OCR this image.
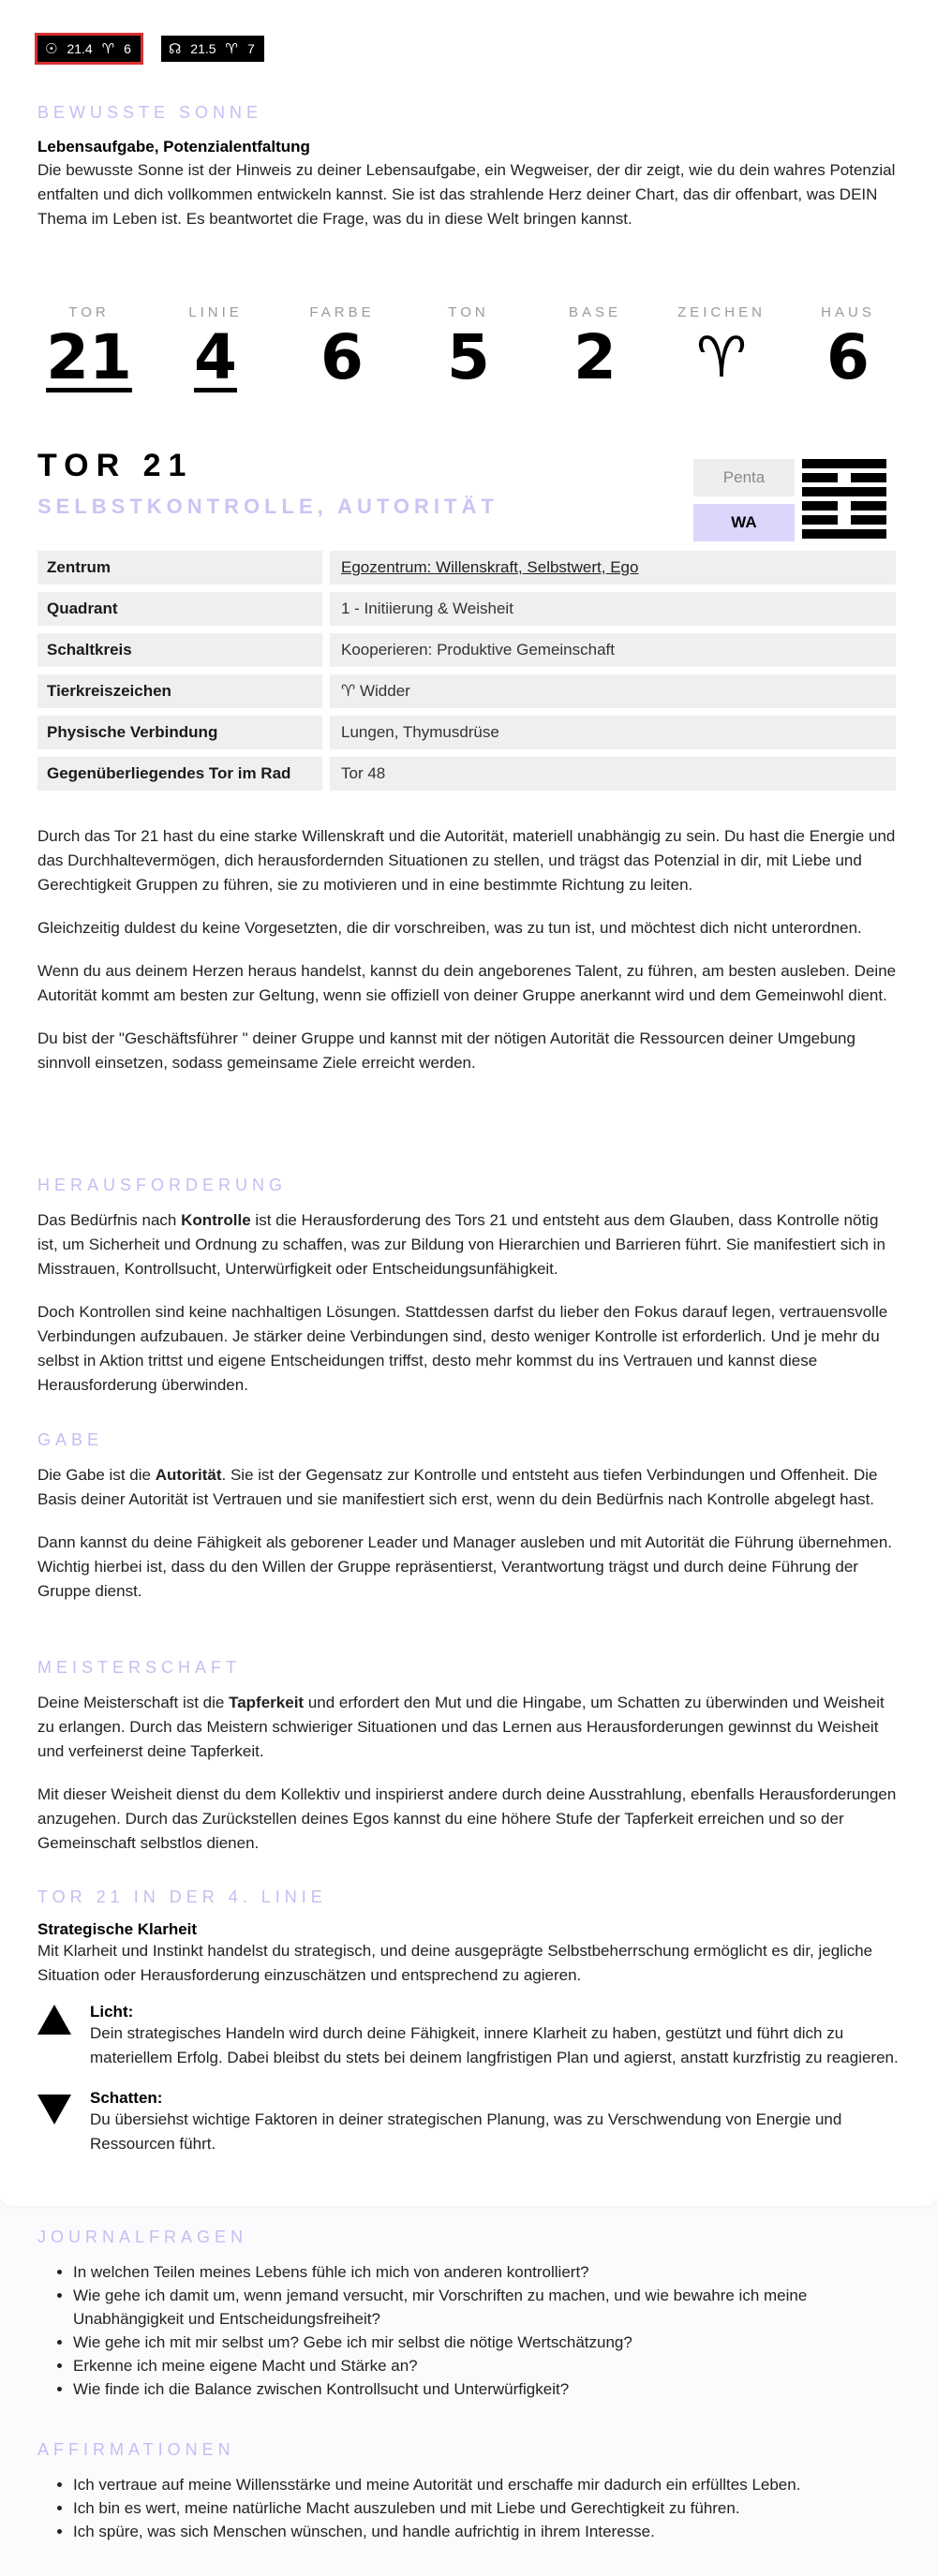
☉ 21.4 ♈ 6	☊ 21.5 ♈ 7
BEWUSSTE SONNE
Lebensaufgabe, Potenzialentfaltung

Die bewusste Sonne ist der Hinweis zu deiner Lebensaufgabe, ein Wegweiser, der dir zeigt, wie du dein wahres Potenzial entfalten und dich vollkommen entwickeln kannst. Sie ist das strahlende Herz deiner Chart, das dir offenbart, was DEIN Thema im Leben ist. Es beantwortet die Frage, was du in diese Welt bringen kannst.

TOR
21
LINIE
4
FARBE
6
TON
5
BASE
2
ZEICHEN
♈
HAUS
6
TOR 21
SELBSTKONTROLLE, AUTORITÄT
Penta
WA
Zentrum	Egozentrum: Willenskraft, Selbstwert, Ego
Quadrant	1 - Initiierung & Weisheit
Schaltkreis	Kooperieren: Produktive Gemeinschaft
Tierkreiszeichen	♈ Widder
Physische Verbindung	Lungen, Thymusdrüse
Gegenüberliegendes Tor im Rad	Tor 48

Durch das Tor 21 hast du eine starke Willenskraft und die Autorität, materiell unabhängig zu sein. Du hast die Energie und das Durchhaltevermögen, dich herausfordernden Situationen zu stellen, und trägst das Potenzial in dir, mit Liebe und Gerechtigkeit Gruppen zu führen, sie zu motivieren und in eine bestimmte Richtung zu leiten.

Gleichzeitig duldest du keine Vorgesetzten, die dir vorschreiben, was zu tun ist, und möchtest dich nicht unterordnen.

Wenn du aus deinem Herzen heraus handelst, kannst du dein angeborenes Talent, zu führen, am besten ausleben. Deine Autorität kommt am besten zur Geltung, wenn sie offiziell von deiner Gruppe anerkannt wird und dem Gemeinwohl dient.

Du bist der "Geschäftsführer " deiner Gruppe und kannst mit der nötigen Autorität die Ressourcen deiner Umgebung sinnvoll einsetzen, sodass gemeinsame Ziele erreicht werden.

HERAUSFORDERUNG

Das Bedürfnis nach Kontrolle ist die Herausforderung des Tors 21 und entsteht aus dem Glauben, dass Kontrolle nötig ist, um Sicherheit und Ordnung zu schaffen, was zur Bildung von Hierarchien und Barrieren führt. Sie manifestiert sich in Misstrauen, Kontrollsucht, Unterwürfigkeit oder Entscheidungsunfähigkeit.

Doch Kontrollen sind keine nachhaltigen Lösungen. Stattdessen darfst du lieber den Fokus darauf legen, vertrauensvolle Verbindungen aufzubauen. Je stärker deine Verbindungen sind, desto weniger Kontrolle ist erforderlich. Und je mehr du selbst in Aktion trittst und eigene Entscheidungen triffst, desto mehr kommst du ins Vertrauen und kannst diese Herausforderung überwinden.

GABE

Die Gabe ist die Autorität. Sie ist der Gegensatz zur Kontrolle und entsteht aus tiefen Verbindungen und Offenheit. Die Basis deiner Autorität ist Vertrauen und sie manifestiert sich erst, wenn du dein Bedürfnis nach Kontrolle abgelegt hast.

Dann kannst du deine Fähigkeit als geborener Leader und Manager ausleben und mit Autorität die Führung übernehmen. Wichtig hierbei ist, dass du den Willen der Gruppe repräsentierst, Verantwortung trägst und durch deine Führung der Gruppe dienst.

MEISTERSCHAFT

Deine Meisterschaft ist die Tapferkeit und erfordert den Mut und die Hingabe, um Schatten zu überwinden und Weisheit zu erlangen. Durch das Meistern schwieriger Situationen und das Lernen aus Herausforderungen gewinnst du Weisheit und verfeinerst deine Tapferkeit.

Mit dieser Weisheit dienst du dem Kollektiv und inspirierst andere durch deine Ausstrahlung, ebenfalls Herausforderungen anzugehen. Durch das Zurückstellen deines Egos kannst du eine höhere Stufe der Tapferkeit erreichen und so der Gemeinschaft selbstlos dienen.

TOR 21 IN DER 4. LINIE
Strategische Klarheit

Mit Klarheit und Instinkt handelst du strategisch, und deine ausgeprägte Selbstbeherrschung ermöglicht es dir, jegliche Situation oder Herausforderung einzuschätzen und entsprechend zu agieren.

Licht:

Dein strategisches Handeln wird durch deine Fähigkeit, innere Klarheit zu haben, gestützt und führt dich zu materiellem Erfolg. Dabei bleibst du stets bei deinem langfristigen Plan und agierst, anstatt kurzfristig zu reagieren.

Schatten:

Du übersiehst wichtige Faktoren in deiner strategischen Planung, was zu Verschwendung von Energie und Ressourcen führt.

JOURNALFRAGEN
• In welchen Teilen meines Lebens fühle ich mich von anderen kontrolliert?
• Wie gehe ich damit um, wenn jemand versucht, mir Vorschriften zu machen, und wie bewahre ich meine Unabhängigkeit und Entscheidungsfreiheit?
• Wie gehe ich mit mir selbst um? Gebe ich mir selbst die nötige Wertschätzung?
• Erkenne ich meine eigene Macht und Stärke an?
• Wie finde ich die Balance zwischen Kontrollsucht und Unterwürfigkeit?
AFFIRMATIONEN
• Ich vertraue auf meine Willensstärke und meine Autorität und erschaffe mir dadurch ein erfülltes Leben.
• Ich bin es wert, meine natürliche Macht auszuleben und mit Liebe und Gerechtigkeit zu führen.
• Ich spüre, was sich Menschen wünschen, und handle aufrichtig in ihrem Interesse.
